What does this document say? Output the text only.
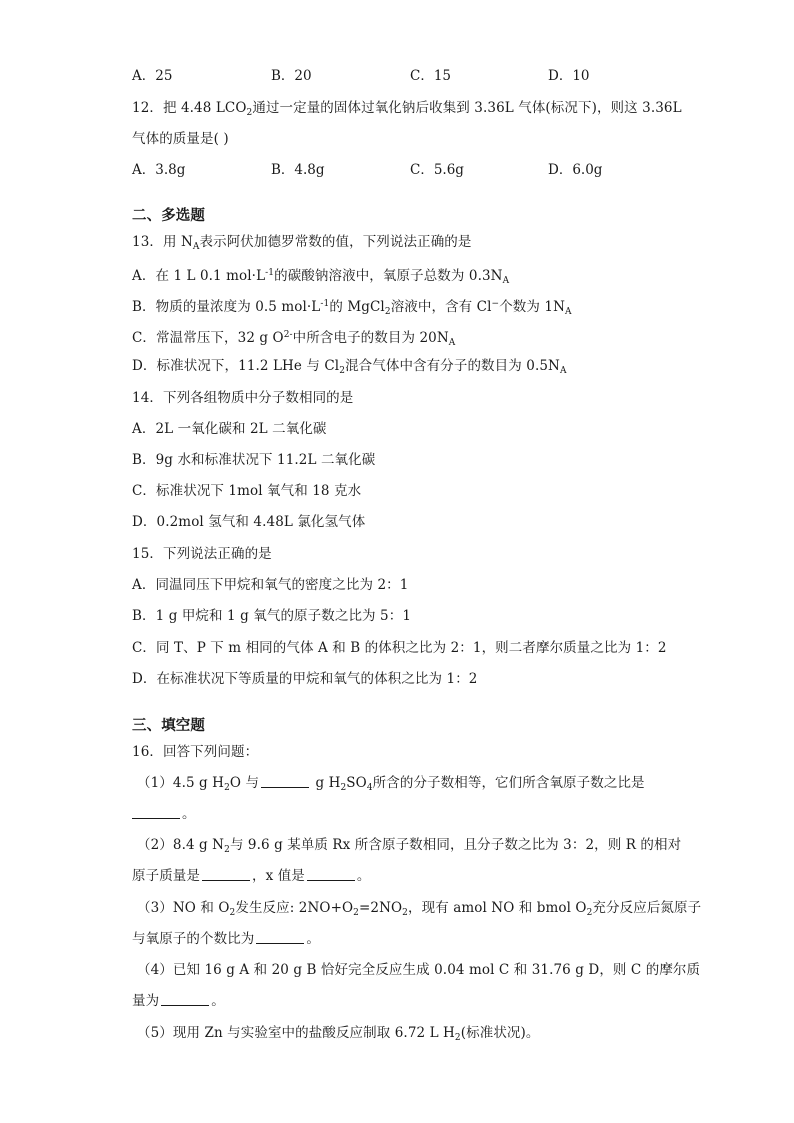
A．25	B．20	C．15	D．10
12．把 4.48 $LCO_2$通过一定量的固体过氧化钠后收集到 3.36L 气体(标况下)，则这 3.36L
气体的质量是( )
A．3.8g	B．4.8g	C．5.6g	D．6.0g
二、多选题
13．用 $N_A$表示阿伏加德罗常数的值，下列说法正确的是
A．在 1 L 0.1 $mol\cdot L^{-1}$的碳酸钠溶液中，氧原子总数为 $0.3N_A$
B．物质的量浓度为 0.5 $mol\cdot L^{-1}$的 MgCl$_2$溶液中，含有 Cl−个数为 $1N_A$
C．常温常压下，32 g $O^{2-}$中所含电子的数目为 $20N_A$
D．标准状况下，11.2 LHe 与 $Cl_2$混合气体中含有分子的数目为 $0.5N_A$
14．下列各组物质中分子数相同的是
A．2L 一氧化碳和 2L 二氧化碳
B．9g 水和标准状况下 11.2L 二氧化碳
C．标准状况下 1mol 氧气和 18 克水
D．0.2mol 氢气和 4.48L 氯化氢气体
15．下列说法正确的是
A．同温同压下甲烷和氧气的密度之比为 2：1
B．1 g 甲烷和 1 g 氧气的原子数之比为 5：1
C．同 T、P 下 m 相同的气体 A 和 B 的体积之比为 2：1，则二者摩尔质量之比为 1：2
D．在标准状况下等质量的甲烷和氧气的体积之比为 1：2
三、填空题
16．回答下列问题：
（1）4.5 g $H_2O$ 与	g $H_2SO_4$所含的分子数相等，它们所含氧原子数之比是
。
（2）8.4 g $N_2$与 9.6 g 某单质 Rx 所含原子数相同，且分子数之比为 3：2，则 R 的相对
原子质量是	，x 值是	。
（3）NO 和 $O_2$发生反应: $2NO+O_2=2NO_2$，现有 amol NO 和 bmol $O_2$充分反应后氮原子
与氧原子的个数比为	。
（4）已知 16 g A 和 20 g B 恰好完全反应生成 0.04 mol C 和 31.76 g D，则 C 的摩尔质
量为	。
（5）现用 Zn 与实验室中的盐酸反应制取 6.72 L $H_2$(标准状况)。
